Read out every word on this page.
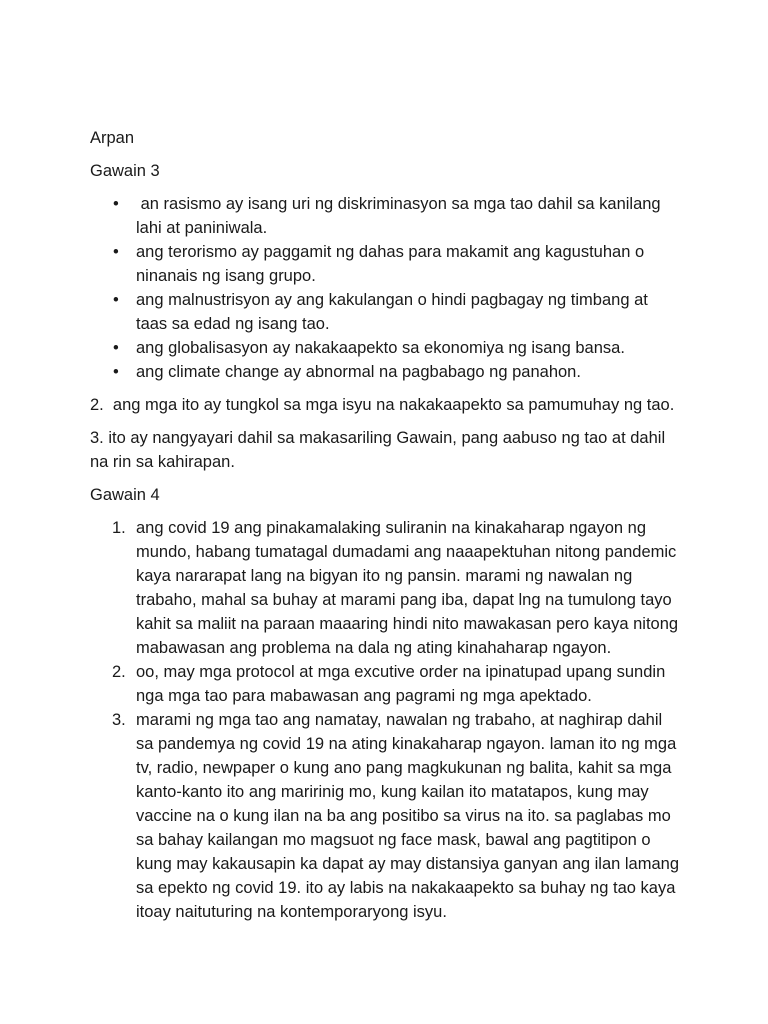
Arpan

Gawain 3

• an rasismo ay isang uri ng diskriminasyon sa mga tao dahil sa kanilang lahi at paniniwala.
• ang terorismo ay paggamit ng dahas para makamit ang kagustuhan o ninanais ng isang grupo.
• ang malnustrisyon ay ang kakulangan o hindi pagbagay ng timbang at taas sa edad ng isang tao.
• ang globalisasyon ay nakakaapekto sa ekonomiya ng isang bansa.
• ang climate change ay abnormal na pagbabago ng panahon.

2.  ang mga ito ay tungkol sa mga isyu na nakakaapekto sa pamumuhay ng tao.

3. ito ay nangyayari dahil sa makasariling Gawain, pang aabuso ng tao at dahil na rin sa kahirapan.

Gawain 4

1. ang covid 19 ang pinakamalaking suliranin na kinakaharap ngayon ng mundo, habang tumatagal dumadami ang naaapektuhan nitong pandemic kaya nararapat lang na bigyan ito ng pansin. marami ng nawalan ng trabaho, mahal sa buhay at marami pang iba, dapat lng na tumulong tayo kahit sa maliit na paraan maaaring hindi nito mawakasan pero kaya nitong mabawasan ang problema na dala ng ating kinahaharap ngayon.
2. oo, may mga protocol at mga excutive order na ipinatupad upang sundin nga mga tao para mabawasan ang pagrami ng mga apektado.
3. marami ng mga tao ang namatay, nawalan ng trabaho, at naghirap dahil sa pandemya ng covid 19 na ating kinakaharap ngayon. laman ito ng mga tv, radio, newpaper o kung ano pang magkukunan ng balita, kahit sa mga kanto-kanto ito ang maririnig mo, kung kailan ito matatapos, kung may vaccine na o kung ilan na ba ang positibo sa virus na ito. sa paglabas mo sa bahay kailangan mo magsuot ng face mask, bawal ang pagtitipon o kung may kakausapin ka dapat ay may distansiya ganyan ang ilan lamang sa epekto ng covid 19. ito ay labis na nakakaapekto sa buhay ng tao kaya itoay naituturing na kontemporaryong isyu.
